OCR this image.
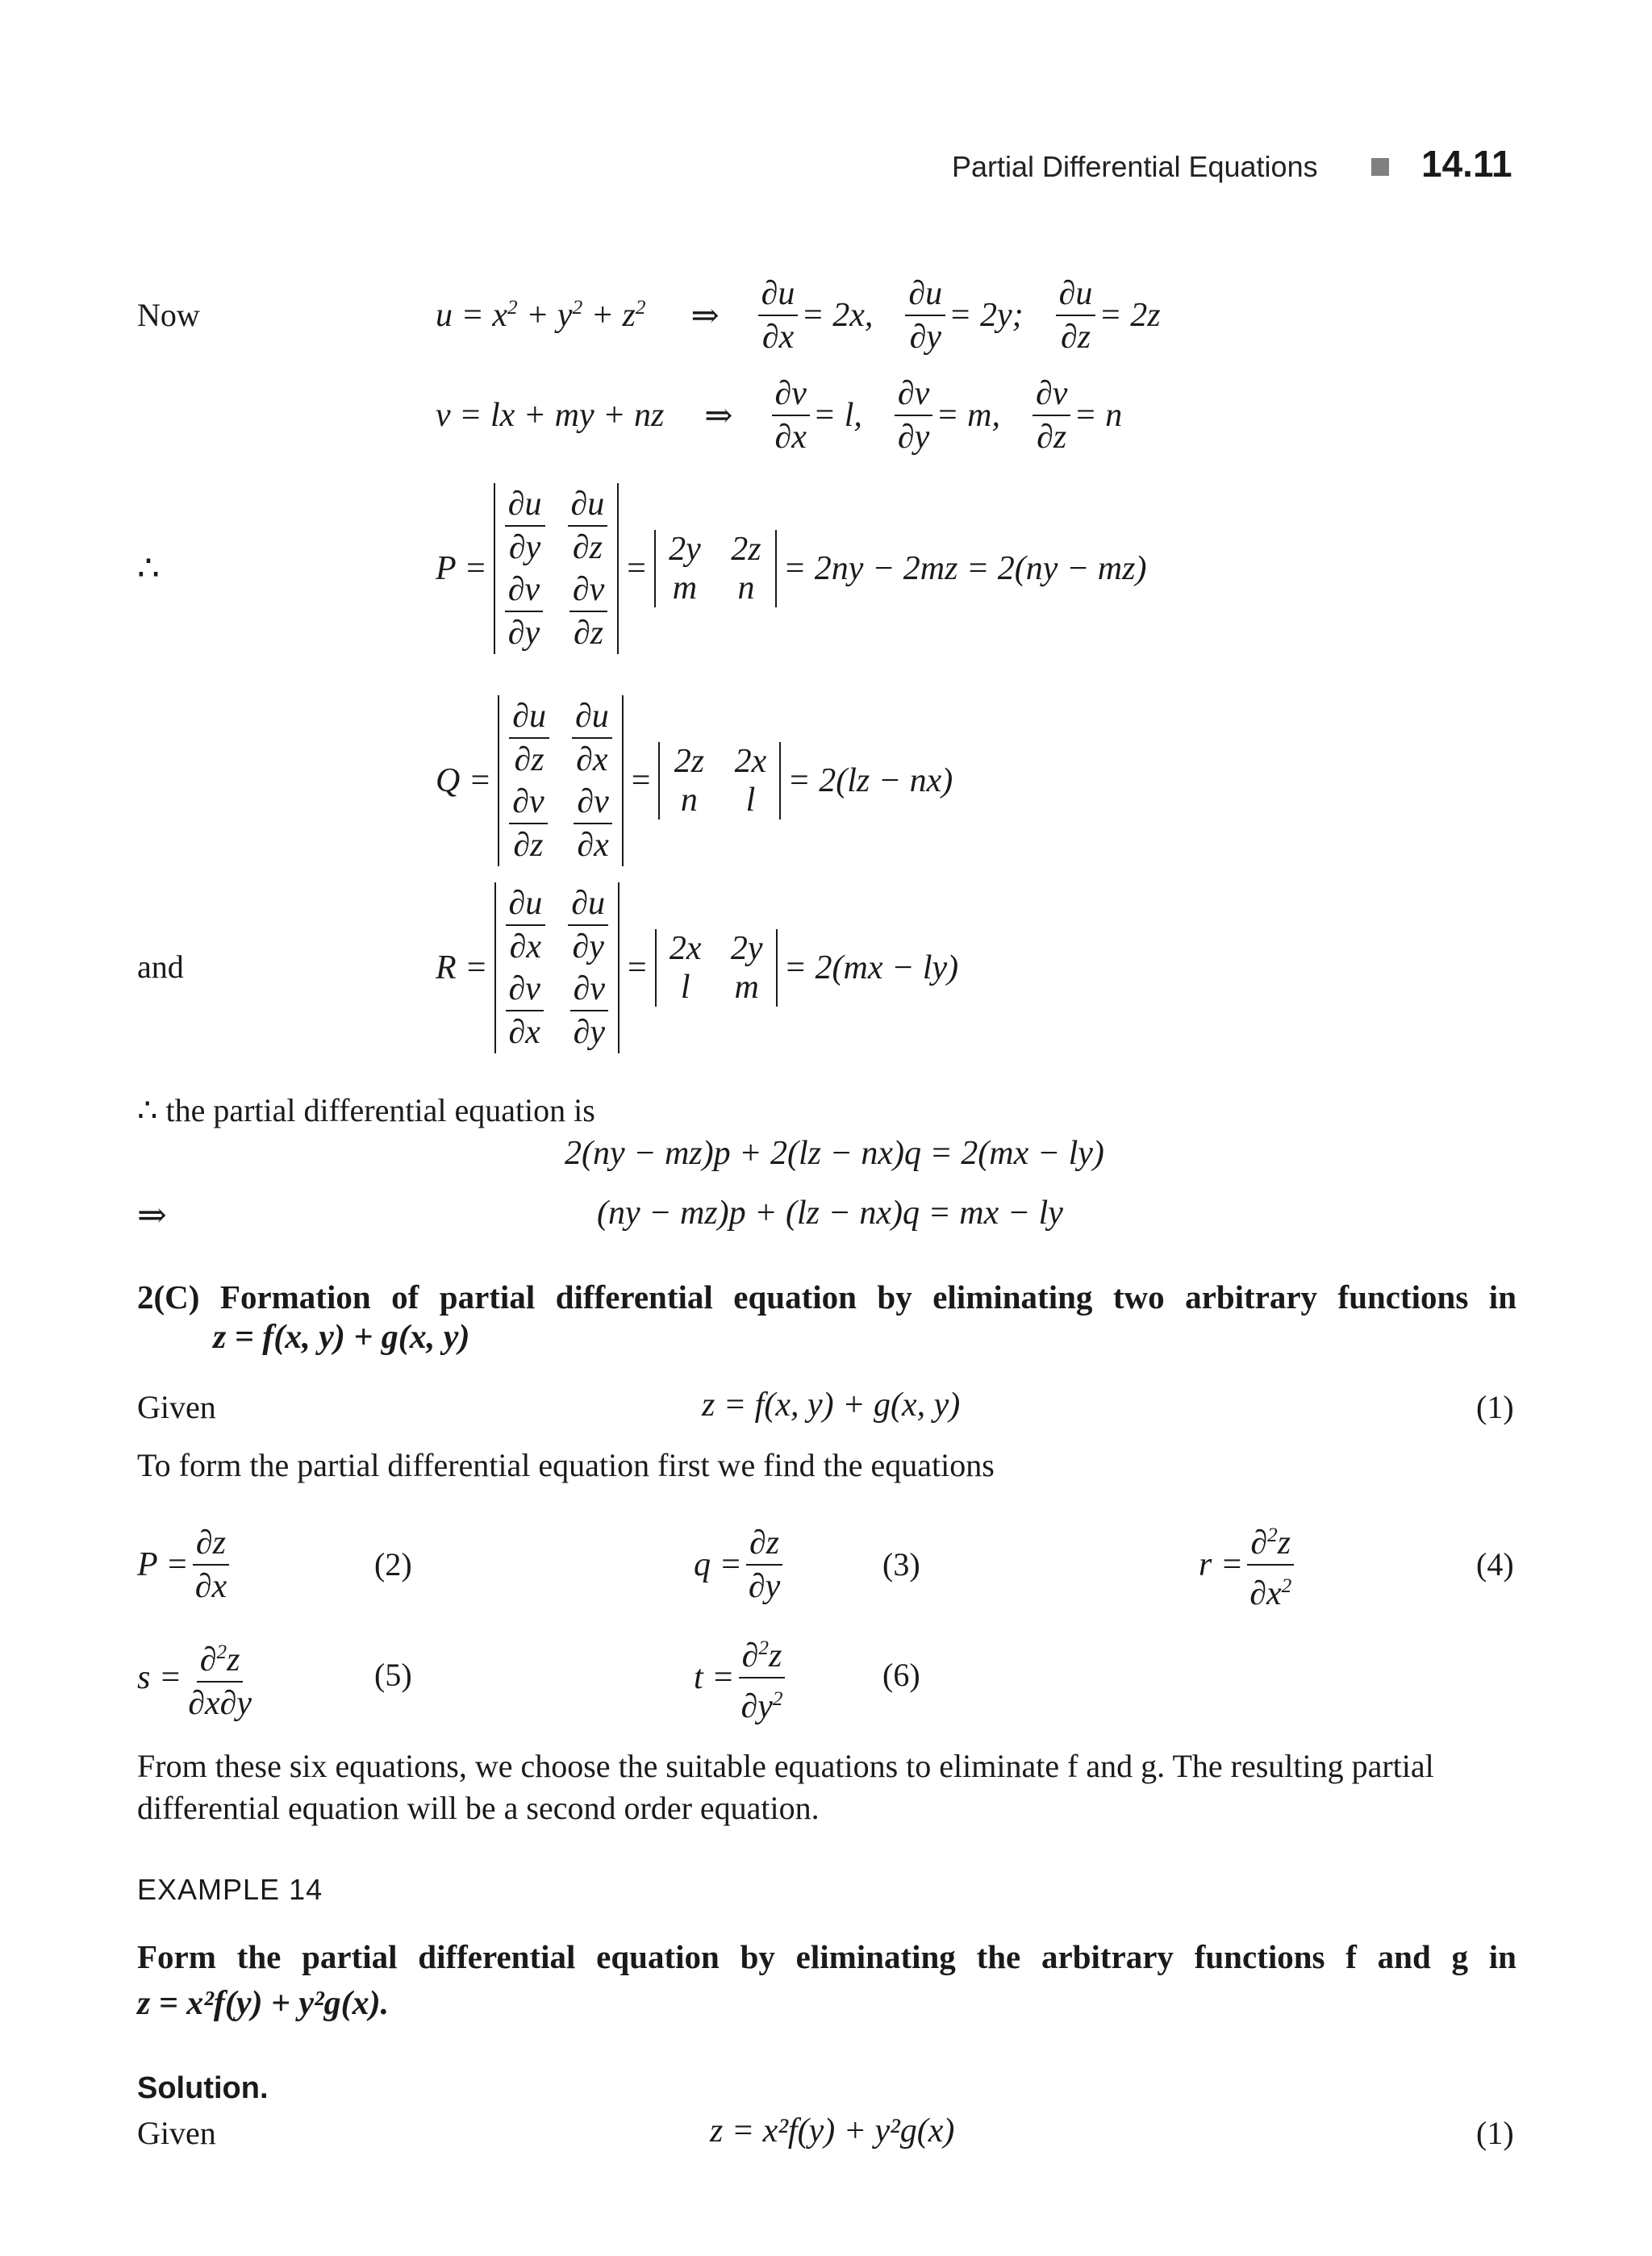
Partial Differential Equations	14.11
Now	$u = x^2 + y^2 + z^2$ ⇒ $\frac{\partial u}{\partial x} = 2x$, $\frac{\partial u}{\partial y} = 2y$; $\frac{\partial u}{\partial z} = 2z$
v = lx + my + nz ⇒ $\frac{\partial v}{\partial x} = l$, $\frac{\partial v}{\partial y} = m$, $\frac{\partial v}{\partial z} = n$
∴	$P = \frac{\partial u}{\partial y} \frac{\partial u}{\partial z}$
$\frac{\partial v}{\partial y} \frac{\partial v}{\partial z}$ =
2y 2z
m	n
= 2ny − 2mz = 2(ny − mz)
$Q = \frac{\partial u}{\partial z} \frac{\partial u}{\partial x}$
$\frac{\partial v}{\partial z} \frac{\partial v}{\partial x}$ =
2z 2x
n	l
= 2(lz − nx)
and	$R = \frac{\partial u}{\partial x} \frac{\partial u}{\partial y}$
$\frac{\partial v}{\partial x} \frac{\partial v}{\partial y}$ =
2x 2y
l	m
= 2(mx − ly)
∴ the partial differential equation is
2(ny − mz)p + 2(lz − nx)q = 2(mx − ly)
⇒	(ny − mz)p + (lz − nx)q = mx − ly
2(C) Formation of partial differential equation by eliminating two arbitrary functions in
z = f(x, y) + g(x, y)
Given	z = f(x, y) + g(x, y)	(1)
To form the partial differential equation first we find the equations
$P = \frac{\partial z}{\partial x}$	(2)	$q = \frac{\partial z}{\partial y}$	(3)	$r = \frac{\partial^2z}{\partial x^2}$	(4)
$s = \frac{\partial^2z}{\partial x\partial y}$	(5)	$t = \frac{\partial^2z}{\partial y^2}$	(6)
From these six equations, we choose the suitable equations to eliminate f and g. The resulting partial differential equation will be a second order equation.
EXAMPLE 14
Form the partial differential equation by eliminating the arbitrary functions f and g in
z = x²f(y) + y²g(x).
Solution.
Given	z = x²f(y) + y²g(x)	(1)
